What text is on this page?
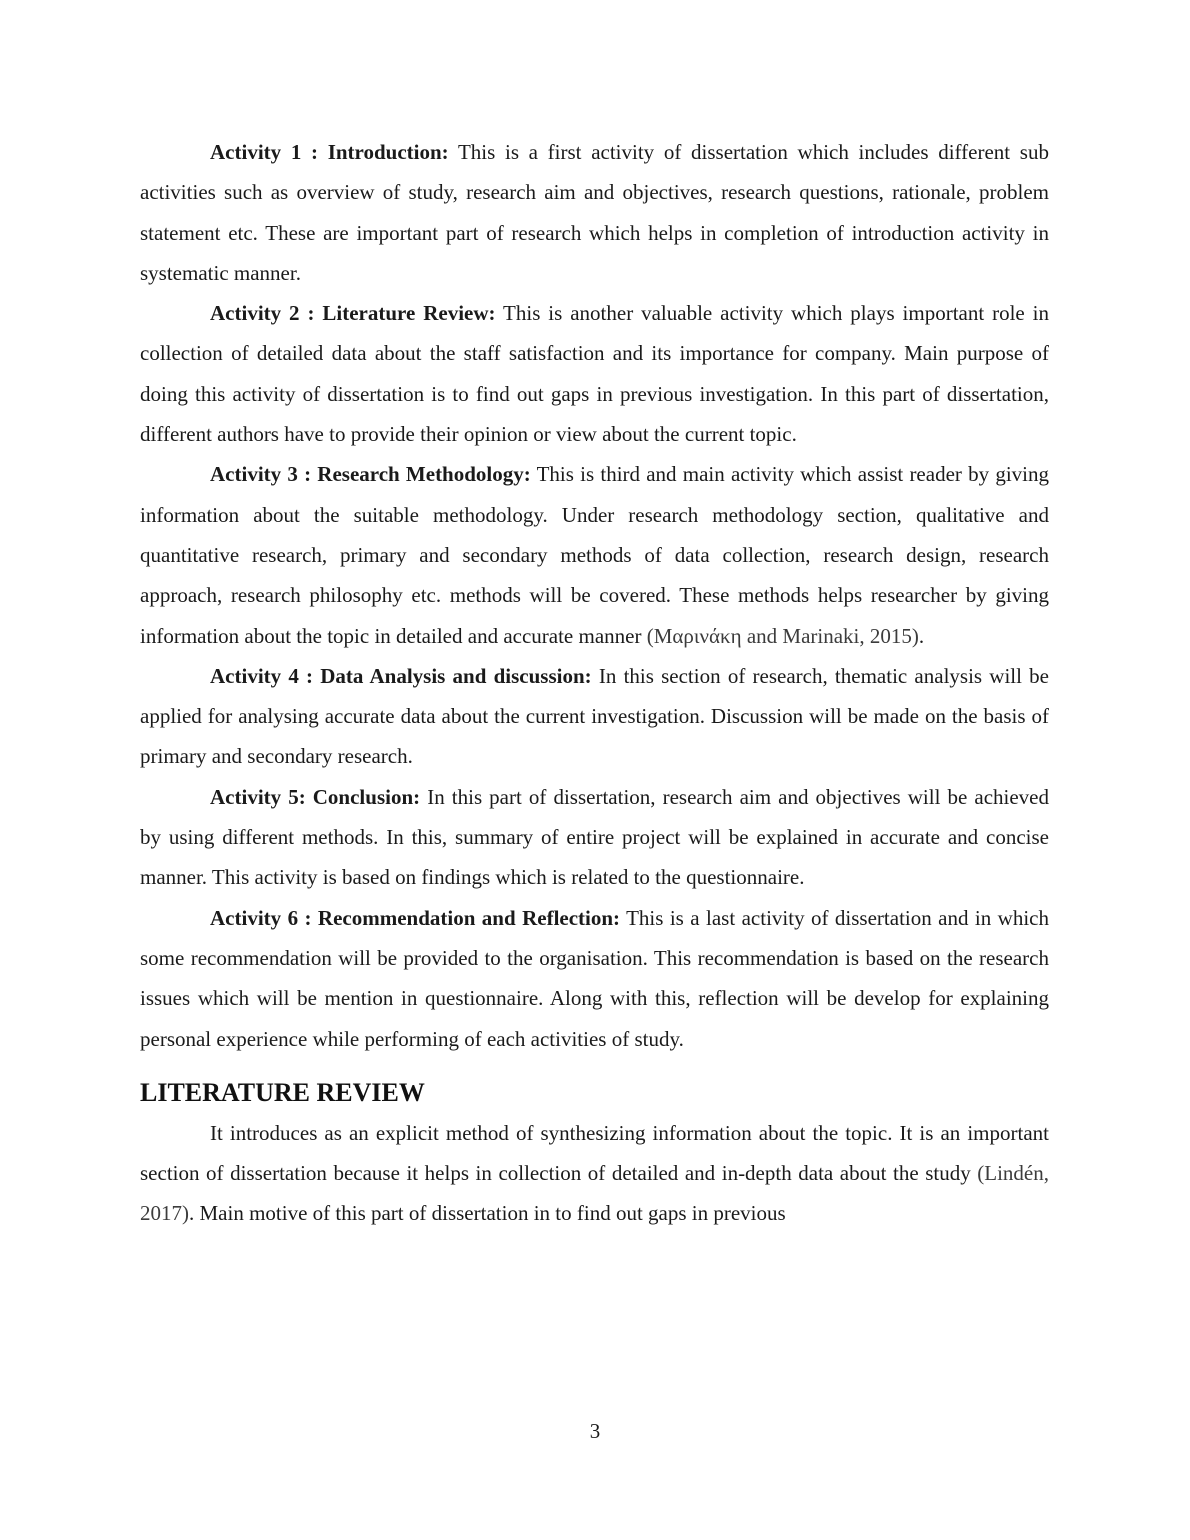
Activity 1 : Introduction: This is a first activity of dissertation which includes different sub activities such as overview of study, research aim and objectives, research questions, rationale, problem statement etc. These are important part of research which helps in completion of introduction activity in systematic manner.

Activity 2 : Literature Review: This is another valuable activity which plays important role in collection of detailed data about the staff satisfaction and its importance for company. Main purpose of doing this activity of dissertation is to find out gaps in previous investigation. In this part of dissertation, different authors have to provide their opinion or view about the current topic.

Activity 3 : Research Methodology: This is third and main activity which assist reader by giving information about the suitable methodology. Under research methodology section, qualitative and quantitative research, primary and secondary methods of data collection, research design, research approach, research philosophy etc. methods will be covered. These methods helps researcher by giving information about the topic in detailed and accurate manner (Μαρινάκη and Marinaki, 2015).

Activity 4 : Data Analysis and discussion: In this section of research, thematic analysis will be applied for analysing accurate data about the current investigation. Discussion will be made on the basis of primary and secondary research.

Activity 5: Conclusion: In this part of dissertation, research aim and objectives will be achieved by using different methods. In this, summary of entire project will be explained in accurate and concise manner. This activity is based on findings which is related to the questionnaire.

Activity 6 : Recommendation and Reflection: This is a last activity of dissertation and in which some recommendation will be provided to the organisation. This recommendation is based on the research issues which will be mention in questionnaire. Along with this, reflection will be develop for explaining personal experience while performing of each activities of study.

LITERATURE REVIEW

It introduces as an explicit method of synthesizing information about the topic. It is an important section of dissertation because it helps in collection of detailed and in-depth data about the study (Lindén, 2017). Main motive of this part of dissertation in to find out gaps in previous

3
